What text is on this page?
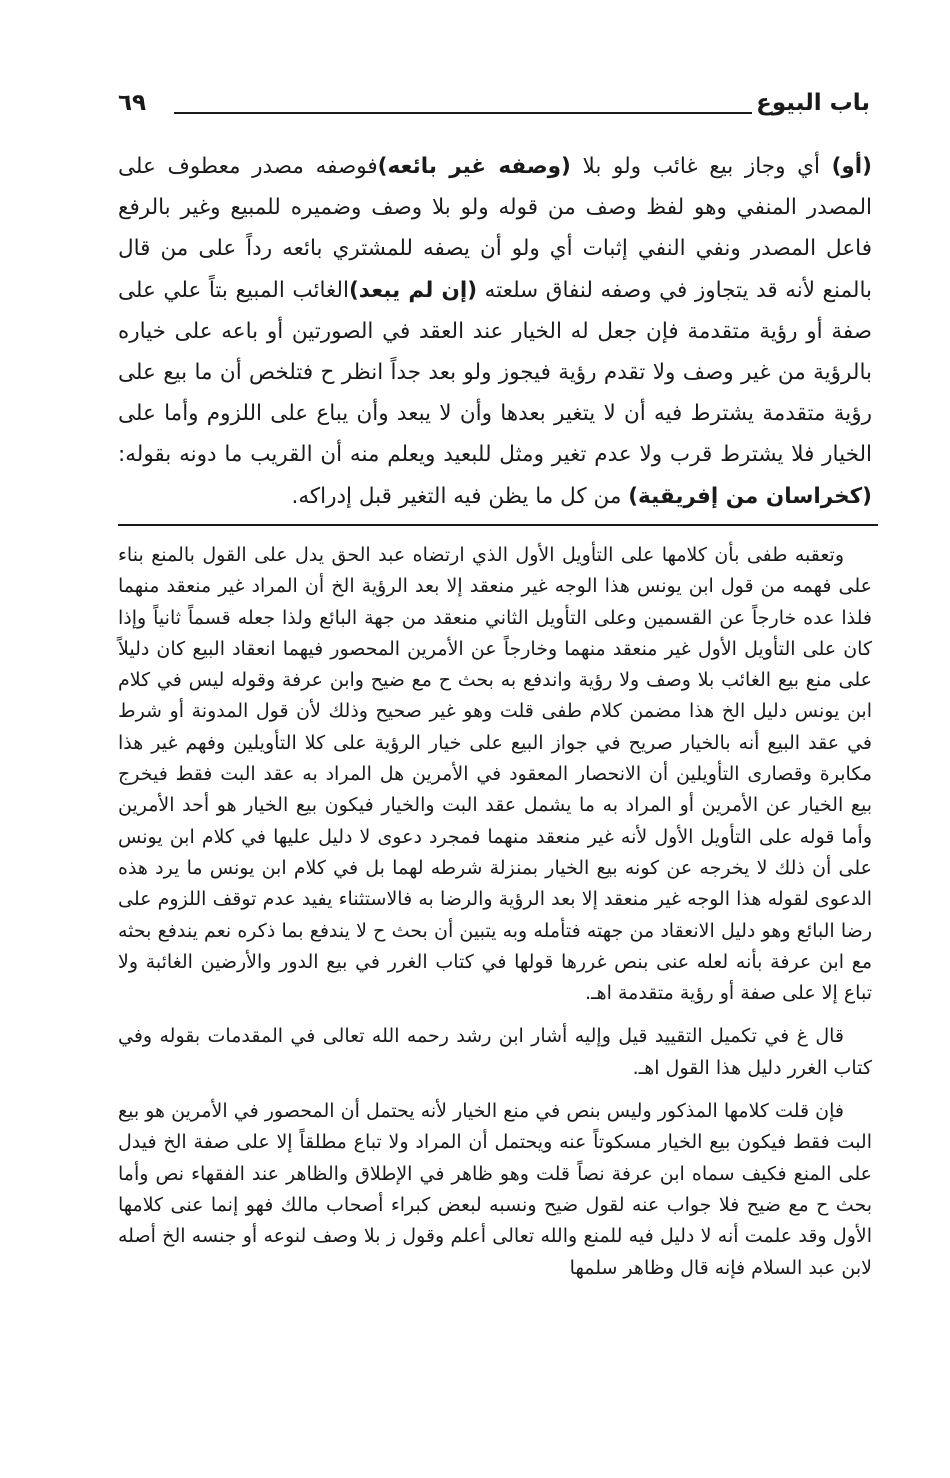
باب البيوع
٦٩
(أو) أي وجاز بيع غائب ولو بلا (وصفه غير بائعه)فوصفه مصدر معطوف على المصدر المنفي وهو لفظ وصف من قوله ولو بلا وصف وضميره للمبيع وغير بالرفع فاعل المصدر ونفي النفي إثبات أي ولو أن يصفه للمشتري بائعه رداً على من قال بالمنع لأنه قد يتجاوز في وصفه لنفاق سلعته (إن لم يبعد)الغائب المبيع بتاً علي على صفة أو رؤية متقدمة فإن جعل له الخيار عند العقد في الصورتين أو باعه على خياره بالرؤية من غير وصف ولا تقدم رؤية فيجوز ولو بعد جداً انظر ح فتلخص أن ما بيع على رؤية متقدمة يشترط فيه أن لا يتغير بعدها وأن لا يبعد وأن يباع على اللزوم وأما على الخيار فلا يشترط قرب ولا عدم تغير ومثل للبعيد ويعلم منه أن القريب ما دونه بقوله: (كخراسان من إفريقية) من كل ما يظن فيه التغير قبل إدراكه.

وتعقبه طفى بأن كلامها على التأويل الأول الذي ارتضاه عبد الحق يدل على القول بالمنع بناء على فهمه من قول ابن يونس هذا الوجه غير منعقد إلا بعد الرؤية الخ أن المراد غير منعقد منهما فلذا عده خارجاً عن القسمين وعلى التأويل الثاني منعقد من جهة البائع ولذا جعله قسماً ثانياً وإذا كان على التأويل الأول غير منعقد منهما وخارجاً عن الأمرين المحصور فيهما انعقاد البيع كان دليلاً على منع بيع الغائب بلا وصف ولا رؤية واندفع به بحث ح مع ضيح وابن عرفة وقوله ليس في كلام ابن يونس دليل الخ هذا مضمن كلام طفى قلت وهو غير صحيح وذلك لأن قول المدونة أو شرط في عقد البيع أنه بالخيار صريح في جواز البيع على خيار الرؤية على كلا التأويلين وفهم غير هذا مكابرة وقصارى التأويلين أن الانحصار المعقود في الأمرين هل المراد به عقد البت فقط فيخرج بيع الخيار عن الأمرين أو المراد به ما يشمل عقد البت والخيار فيكون بيع الخيار هو أحد الأمرين وأما قوله على التأويل الأول لأنه غير منعقد منهما فمجرد دعوى لا دليل عليها في كلام ابن يونس على أن ذلك لا يخرجه عن كونه بيع الخيار بمنزلة شرطه لهما بل في كلام ابن يونس ما يرد هذه الدعوى لقوله هذا الوجه غير منعقد إلا بعد الرؤية والرضا به فالاستثناء يفيد عدم توقف اللزوم على رضا البائع وهو دليل الانعقاد من جهته فتأمله وبه يتبين أن بحث ح لا يندفع بما ذكره نعم يندفع بحثه مع ابن عرفة بأنه لعله عنى بنص غررها قولها في كتاب الغرر في بيع الدور والأرضين الغائبة ولا تباع إلا على صفة أو رؤية متقدمة اهـ.

قال غ في تكميل التقييد قيل وإليه أشار ابن رشد رحمه الله تعالى في المقدمات بقوله وفي كتاب الغرر دليل هذا القول اهـ.

فإن قلت كلامها المذكور وليس بنص في منع الخيار لأنه يحتمل أن المحصور في الأمرين هو بيع البت فقط فيكون بيع الخيار مسكوتاً عنه ويحتمل أن المراد ولا تباع مطلقاً إلا على صفة الخ فيدل على المنع فكيف سماه ابن عرفة نصاً قلت وهو ظاهر في الإطلاق والظاهر عند الفقهاء نص وأما بحث ح مع ضيح فلا جواب عنه لقول ضيح ونسبه لبعض كبراء أصحاب مالك فهو إنما عنى كلامها الأول وقد علمت أنه لا دليل فيه للمنع والله تعالى أعلم وقول ز بلا وصف لنوعه أو جنسه الخ أصله لابن عبد السلام فإنه قال وظاهر سلمها
